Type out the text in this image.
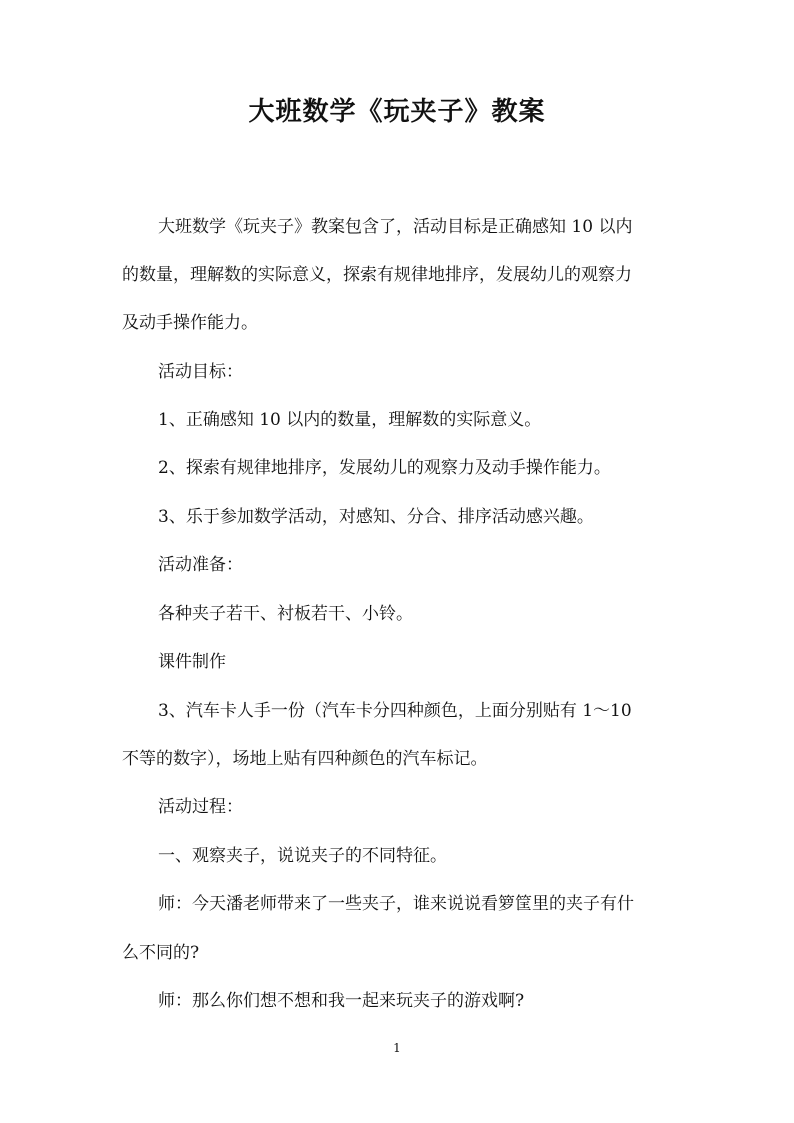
大班数学《玩夹子》教案
大班数学《玩夹子》教案包含了，活动目标是正确感知 10 以内
的数量，理解数的实际意义，探索有规律地排序，发展幼儿的观察力
及动手操作能力。
活动目标：
1、正确感知 10 以内的数量，理解数的实际意义。
2、探索有规律地排序，发展幼儿的观察力及动手操作能力。
3、乐于参加数学活动，对感知、分合、排序活动感兴趣。
活动准备：
各种夹子若干、衬板若干、小铃。
课件制作
3、汽车卡人手一份（汽车卡分四种颜色，上面分别贴有 1～10
不等的数字），场地上贴有四种颜色的汽车标记。
活动过程：
一、观察夹子，说说夹子的不同特征。
师：今天潘老师带来了一些夹子，谁来说说看箩筐里的夹子有什
么不同的?
师：那么你们想不想和我一起来玩夹子的游戏啊?
1
